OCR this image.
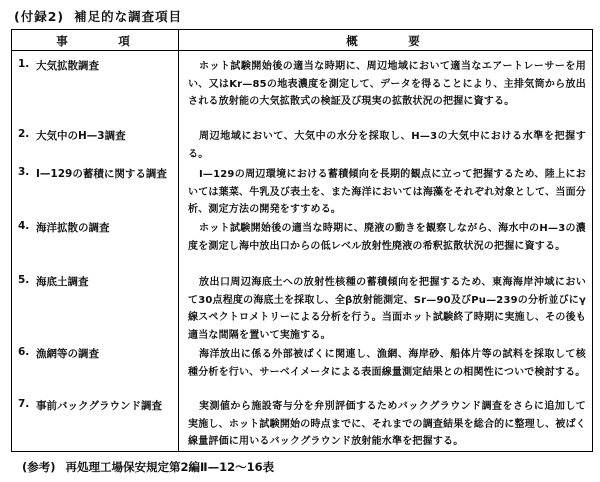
(付録2) 補足的な調査項目
事　　　項	概　　　要
1. 大気拡散調査	ホット試験開始後の適当な時期に、周辺地域において適当なエアートレーサーを用い、又はKr—85の地表濃度を測定して、データを得ることにより、主排気筒から放出される放射能の大気拡散式の検証及び現実の拡散状況の把握に資する。
2. 大気中のH—3調査	周辺地域において、大気中の水分を採取し、H—3の大気中における水準を把握する。
3. I—129の蓄積に関する調査	I—129の周辺環境における蓄積傾向を長期的観点に立って把握するため、陸上においては葉菜、牛乳及び表土を、また海洋においては海藻をそれぞれ対象として、当面分析、測定方法の開発をすすめる。
4. 海洋拡散の調査	ホット試験開始後の適当な時期に、廃液の動きを観察しながら、海水中のH—3の濃度を測定し海中放出口からの低レベル放射性廃液の希釈拡散状況の把握に資する。
5. 海底土調査	放出口周辺海底土への放射性核種の蓄積傾向を把握するため、東海海岸沖域において30点程度の海底土を採取し、全β放射能測定、Sr—90及びPu—239の分析並びにγ線スペクトロメトリーによる分析を行う。当面ホット試験終了時期に実施し、その後も適当な間隔を置いて実施する。
6. 漁網等の調査	海洋放出に係る外部被ばくに関連し、漁網、海岸砂、船体片等の試料を採取して核種分析を行い、サーベイメータによる表面線量測定結果との相関性についで検討する。
7. 事前バックグラウンド調査	実測値から施設寄与分を弁別評価するためバックグラウンド調査をさらに追加して実施し、ホット試験開始の時点までに、それまでの調査結果を総合的に整理し、被ばく線量評価に用いるバックグラウンド放射能水準を把握する。
(参考) 再処理工場保安規定第2編Ⅱ—12〜16表
